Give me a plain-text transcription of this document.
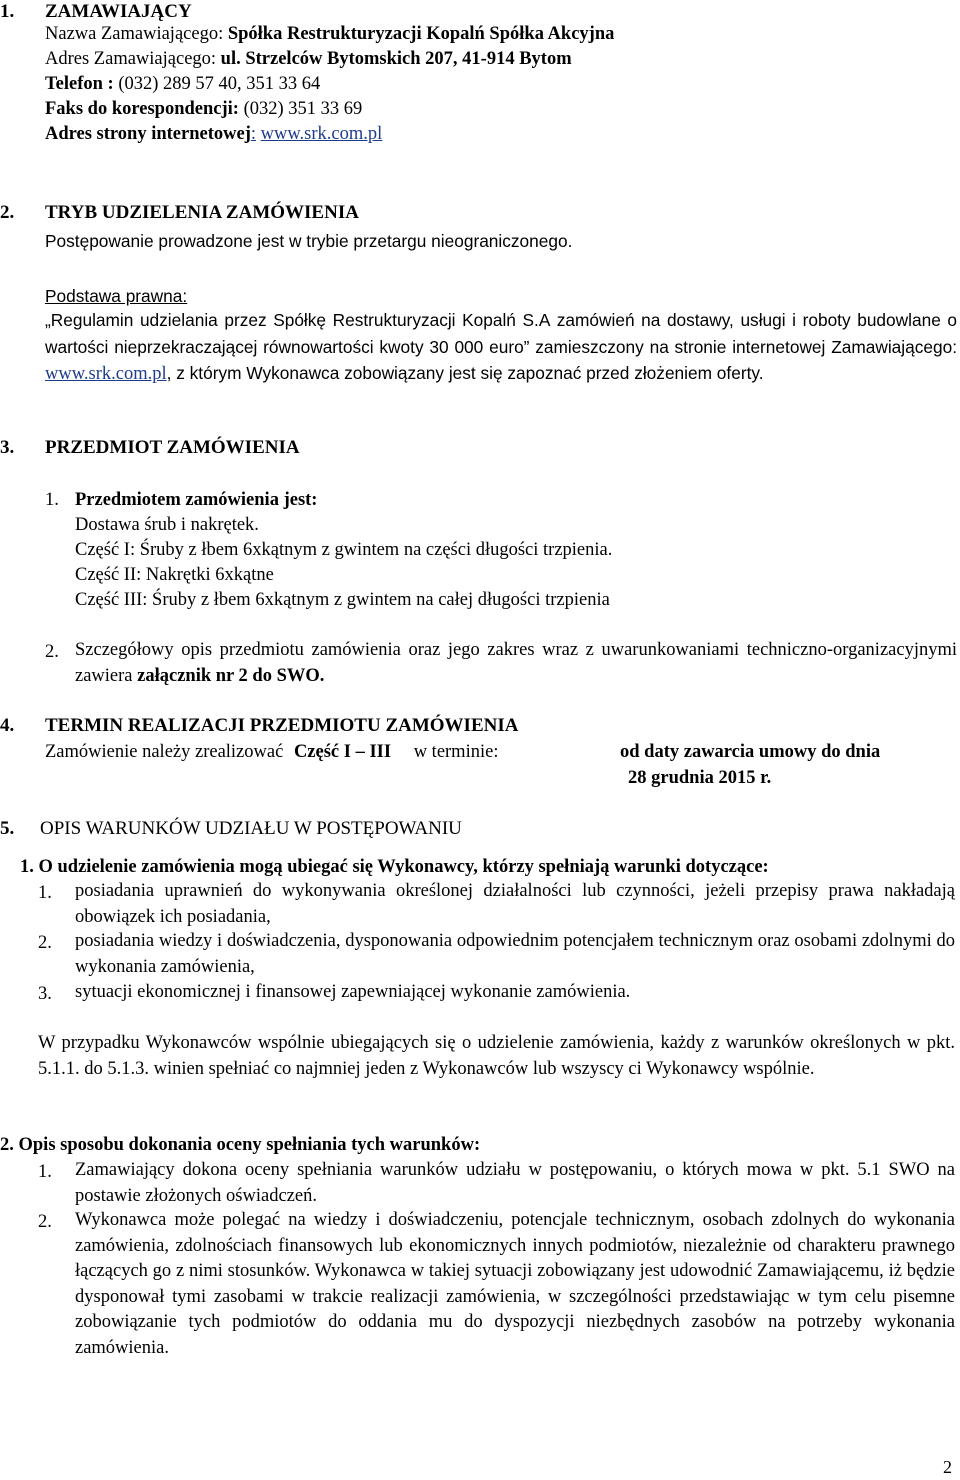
1. ZAMAWIAJĄCY
Nazwa Zamawiającego: Spółka Restrukturyzacji Kopalń Spółka Akcyjna
Adres Zamawiającego: ul. Strzelców Bytomskich 207, 41-914 Bytom
Telefon : (032) 289 57 40, 351 33 64
Faks do korespondencji: (032) 351 33 69
Adres strony internetowej: www.srk.com.pl
2. TRYB UDZIELENIA ZAMÓWIENIA
Postępowanie prowadzone jest w trybie przetargu nieograniczonego.
Podstawa prawna:
„Regulamin udzielania przez Spółkę Restrukturyzacji Kopalń S.A zamówień na dostawy, usługi i roboty budowlane o wartości nieprzekraczającej równowartości kwoty 30 000 euro” zamieszczony na stronie internetowej Zamawiającego: www.srk.com.pl, z którym Wykonawca zobowiązany jest się zapoznać przed złożeniem oferty.
3. PRZEDMIOT ZAMÓWIENIA
1. Przedmiotem zamówienia jest:
Dostawa śrub i nakrętek.
Część I: Śruby z łbem 6xkątnym z gwintem na części długości trzpienia.
Część II: Nakrętki 6xkątne
Część III: Śruby z łbem 6xkątnym z gwintem na całej długości trzpienia
2. Szczegółowy opis przedmiotu zamówienia oraz jego zakres wraz z uwarunkowaniami techniczno-organizacyjnymi zawiera załącznik nr 2 do SWO.
4. TERMIN REALIZACJI PRZEDMIOTU ZAMÓWIENIA
Zamówienie należy zrealizować Część I – III w terminie:	od daty zawarcia umowy do dnia
28 grudnia 2015 r.
5. OPIS WARUNKÓW UDZIAŁU W POSTĘPOWANIU
1. O udzielenie zamówienia mogą ubiegać się Wykonawcy, którzy spełniają warunki dotyczące:
1. posiadania uprawnień do wykonywania określonej działalności lub czynności, jeżeli przepisy prawa nakładają obowiązek ich posiadania,
2. posiadania wiedzy i doświadczenia, dysponowania odpowiednim potencjałem technicznym oraz osobami zdolnymi do wykonania zamówienia,
3. sytuacji ekonomicznej i finansowej zapewniającej wykonanie zamówienia.
W przypadku Wykonawców wspólnie ubiegających się o udzielenie zamówienia, każdy z warunków określonych w pkt. 5.1.1. do 5.1.3. winien spełniać co najmniej jeden z Wykonawców lub wszyscy ci Wykonawcy wspólnie.
2. Opis sposobu dokonania oceny spełniania tych warunków:
1. Zamawiający dokona oceny spełniania warunków udziału w postępowaniu, o których mowa w pkt. 5.1 SWO na postawie złożonych oświadczeń.
2. Wykonawca może polegać na wiedzy i doświadczeniu, potencjale technicznym, osobach zdolnych do wykonania zamówienia, zdolnościach finansowych lub ekonomicznych innych podmiotów, niezależnie od charakteru prawnego łączących go z nimi stosunków. Wykonawca w takiej sytuacji zobowiązany jest udowodnić Zamawiającemu, iż będzie dysponował tymi zasobami w trakcie realizacji zamówienia, w szczególności przedstawiając w tym celu pisemne zobowiązanie tych podmiotów do oddania mu do dyspozycji niezbędnych zasobów na potrzeby wykonania zamówienia.
2
